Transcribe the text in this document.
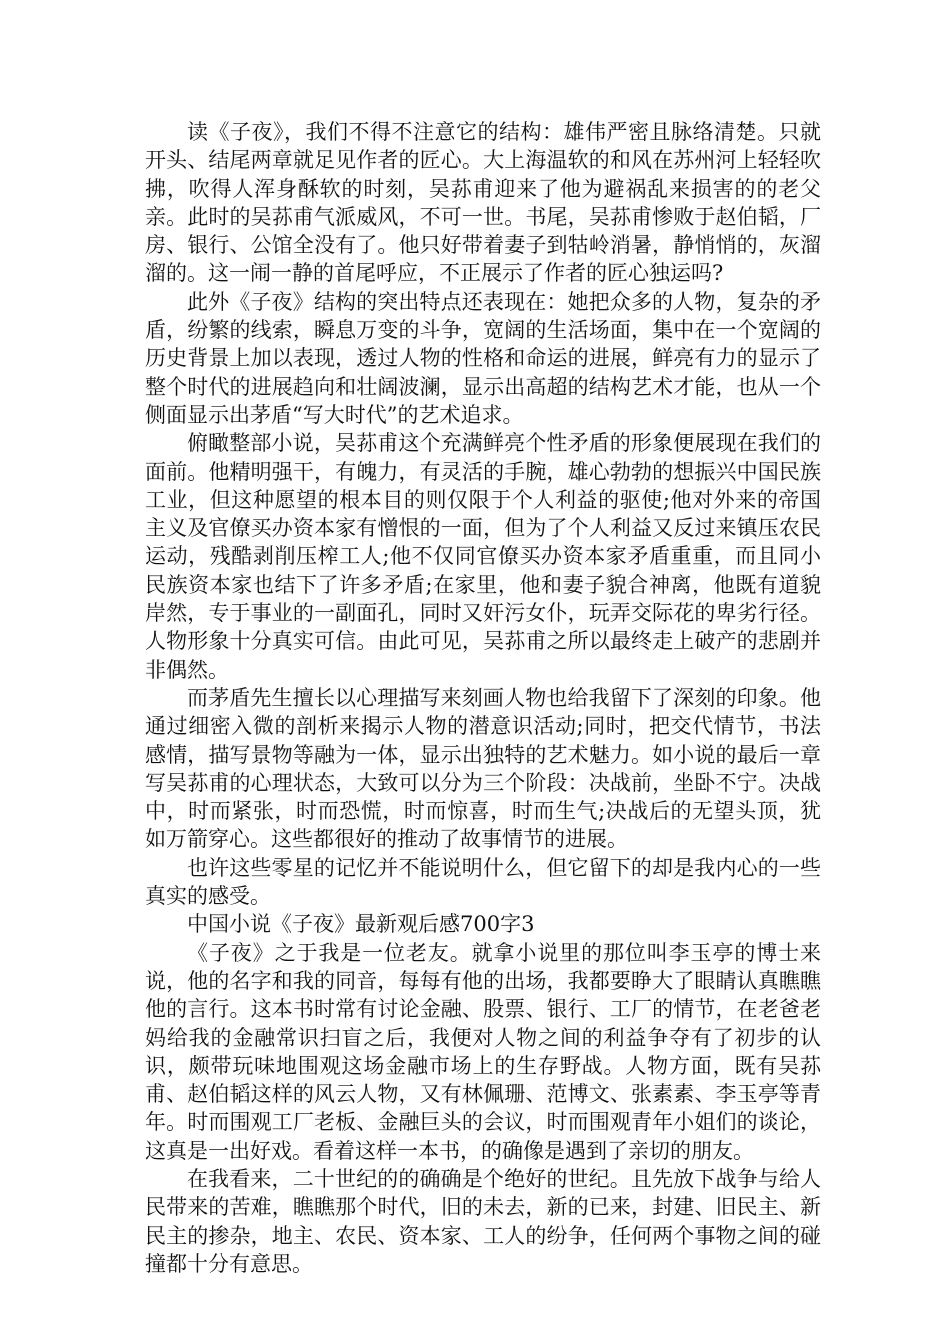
读《子夜》，我们不得不注意它的结构：雄伟严密且脉络清楚。只就开头、结尾两章就足见作者的匠心。大上海温软的和风在苏州河上轻轻吹拂，吹得人浑身酥软的时刻，吴荪甫迎来了他为避祸乱来损害的的老父亲。此时的吴荪甫气派威风，不可一世。书尾，吴荪甫惨败于赵伯韬，厂房、银行、公馆全没有了。他只好带着妻子到牯岭消暑，静悄悄的，灰溜溜的。这一闹一静的首尾呼应，不正展示了作者的匠心独运吗?

此外《子夜》结构的突出特点还表现在：她把众多的人物，复杂的矛盾，纷繁的线索，瞬息万变的斗争，宽阔的生活场面，集中在一个宽阔的历史背景上加以表现，透过人物的性格和命运的进展，鲜亮有力的显示了整个时代的进展趋向和壮阔波澜，显示出高超的结构艺术才能，也从一个侧面显示出茅盾“写大时代”的艺术追求。

俯瞰整部小说，吴荪甫这个充满鲜亮个性矛盾的形象便展现在我们的面前。他精明强干，有魄力，有灵活的手腕，雄心勃勃的想振兴中国民族工业，但这种愿望的根本目的则仅限于个人利益的驱使;他对外来的帝国主义及官僚买办资本家有憎恨的一面，但为了个人利益又反过来镇压农民运动，残酷剥削压榨工人;他不仅同官僚买办资本家矛盾重重，而且同小民族资本家也结下了许多矛盾;在家里，他和妻子貌合神离，他既有道貌岸然，专于事业的一副面孔，同时又奸污女仆，玩弄交际花的卑劣行径。人物形象十分真实可信。由此可见，吴荪甫之所以最终走上破产的悲剧并非偶然。

而茅盾先生擅长以心理描写来刻画人物也给我留下了深刻的印象。他通过细密入微的剖析来揭示人物的潜意识活动;同时，把交代情节，书法感情，描写景物等融为一体，显示出独特的艺术魅力。如小说的最后一章写吴荪甫的心理状态，大致可以分为三个阶段：决战前，坐卧不宁。决战中，时而紧张，时而恐慌，时而惊喜，时而生气;决战后的无望头顶，犹如万箭穿心。这些都很好的推动了故事情节的进展。

也许这些零星的记忆并不能说明什么，但它留下的却是我内心的一些真实的感受。

中国小说《子夜》最新观后感700字3

《子夜》之于我是一位老友。就拿小说里的那位叫李玉亭的博士来说，他的名字和我的同音，每每有他的出场，我都要睁大了眼睛认真瞧瞧他的言行。这本书时常有讨论金融、股票、银行、工厂的情节，在老爸老妈给我的金融常识扫盲之后，我便对人物之间的利益争夺有了初步的认识，颇带玩味地围观这场金融市场上的生存野战。人物方面，既有吴荪甫、赵伯韬这样的风云人物，又有林佩珊、范博文、张素素、李玉亭等青年。时而围观工厂老板、金融巨头的会议，时而围观青年小姐们的谈论，这真是一出好戏。看着这样一本书，的确像是遇到了亲切的朋友。

在我看来，二十世纪的的确确是个绝好的世纪。且先放下战争与给人民带来的苦难，瞧瞧那个时代，旧的未去，新的已来，封建、旧民主、新民主的掺杂，地主、农民、资本家、工人的纷争，任何两个事物之间的碰撞都十分有意思。
